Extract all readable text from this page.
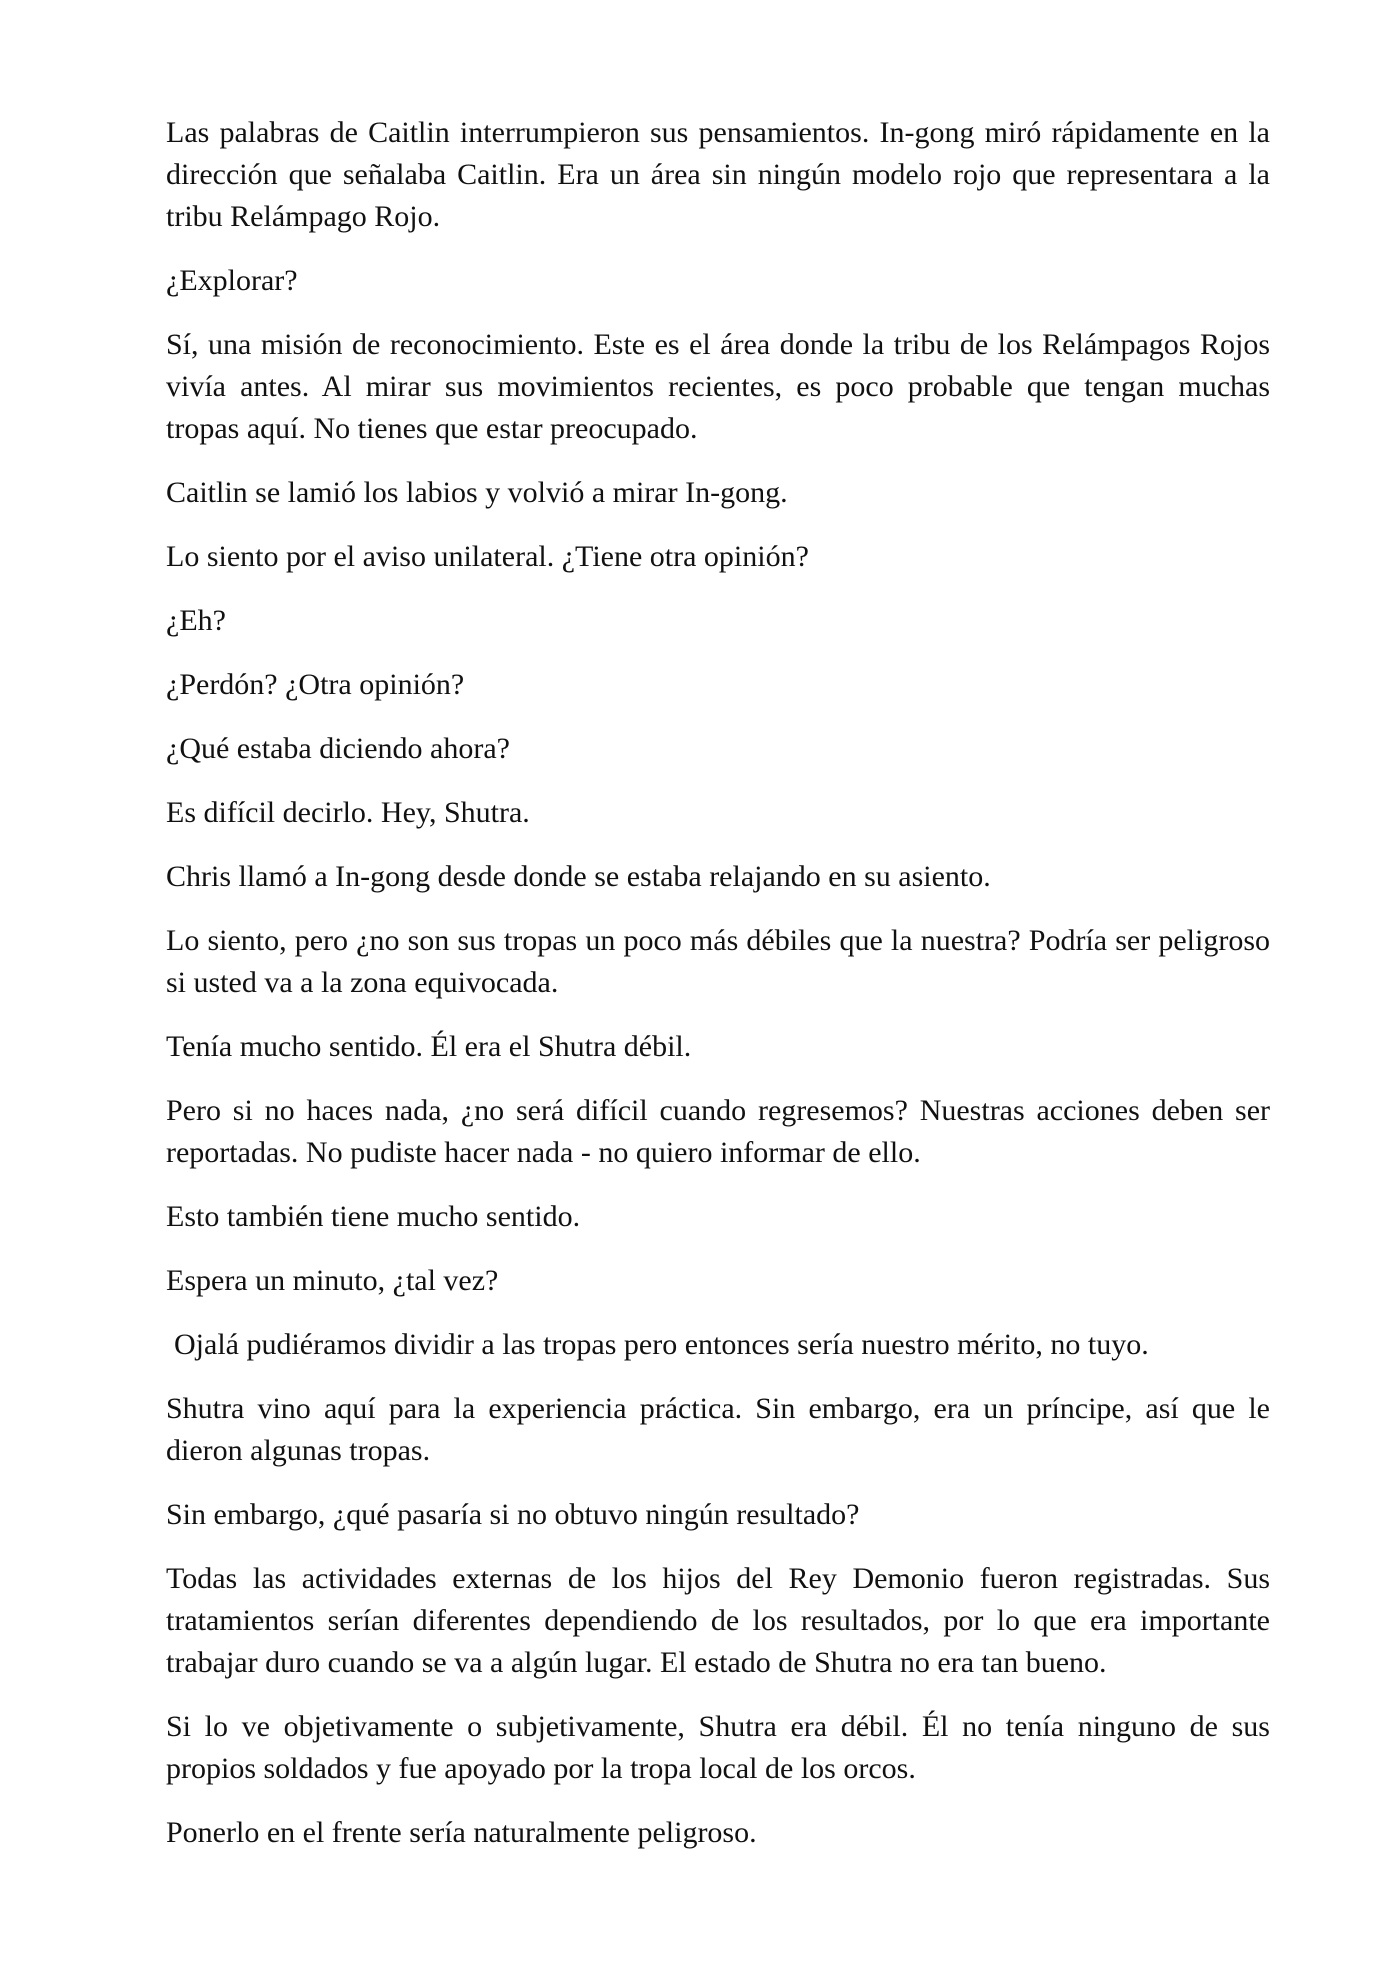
Las palabras de Caitlin interrumpieron sus pensamientos. In-gong miró rápidamente en la dirección que señalaba Caitlin. Era un área sin ningún modelo rojo que representara a la tribu Relámpago Rojo.

¿Explorar?

Sí, una misión de reconocimiento. Este es el área donde la tribu de los Relámpagos Rojos vivía antes. Al mirar sus movimientos recientes, es poco probable que tengan muchas tropas aquí. No tienes que estar preocupado.

Caitlin se lamió los labios y volvió a mirar In-gong.

Lo siento por el aviso unilateral. ¿Tiene otra opinión?

¿Eh?

¿Perdón? ¿Otra opinión?

¿Qué estaba diciendo ahora?

Es difícil decirlo. Hey, Shutra.

Chris llamó a In-gong desde donde se estaba relajando en su asiento.

Lo siento, pero ¿no son sus tropas un poco más débiles que la nuestra? Podría ser peligroso si usted va a la zona equivocada.

Tenía mucho sentido. Él era el Shutra débil.

Pero si no haces nada, ¿no será difícil cuando regresemos? Nuestras acciones deben ser reportadas. No pudiste hacer nada - no quiero informar de ello.

Esto también tiene mucho sentido.

Espera un minuto, ¿tal vez?

Ojalá pudiéramos dividir a las tropas pero entonces sería nuestro mérito, no tuyo.

Shutra vino aquí para la experiencia práctica. Sin embargo, era un príncipe, así que le dieron algunas tropas.

Sin embargo, ¿qué pasaría si no obtuvo ningún resultado?

Todas las actividades externas de los hijos del Rey Demonio fueron registradas. Sus tratamientos serían diferentes dependiendo de los resultados, por lo que era importante trabajar duro cuando se va a algún lugar. El estado de Shutra no era tan bueno.

Si lo ve objetivamente o subjetivamente, Shutra era débil. Él no tenía ninguno de sus propios soldados y fue apoyado por la tropa local de los orcos.

Ponerlo en el frente sería naturalmente peligroso.
